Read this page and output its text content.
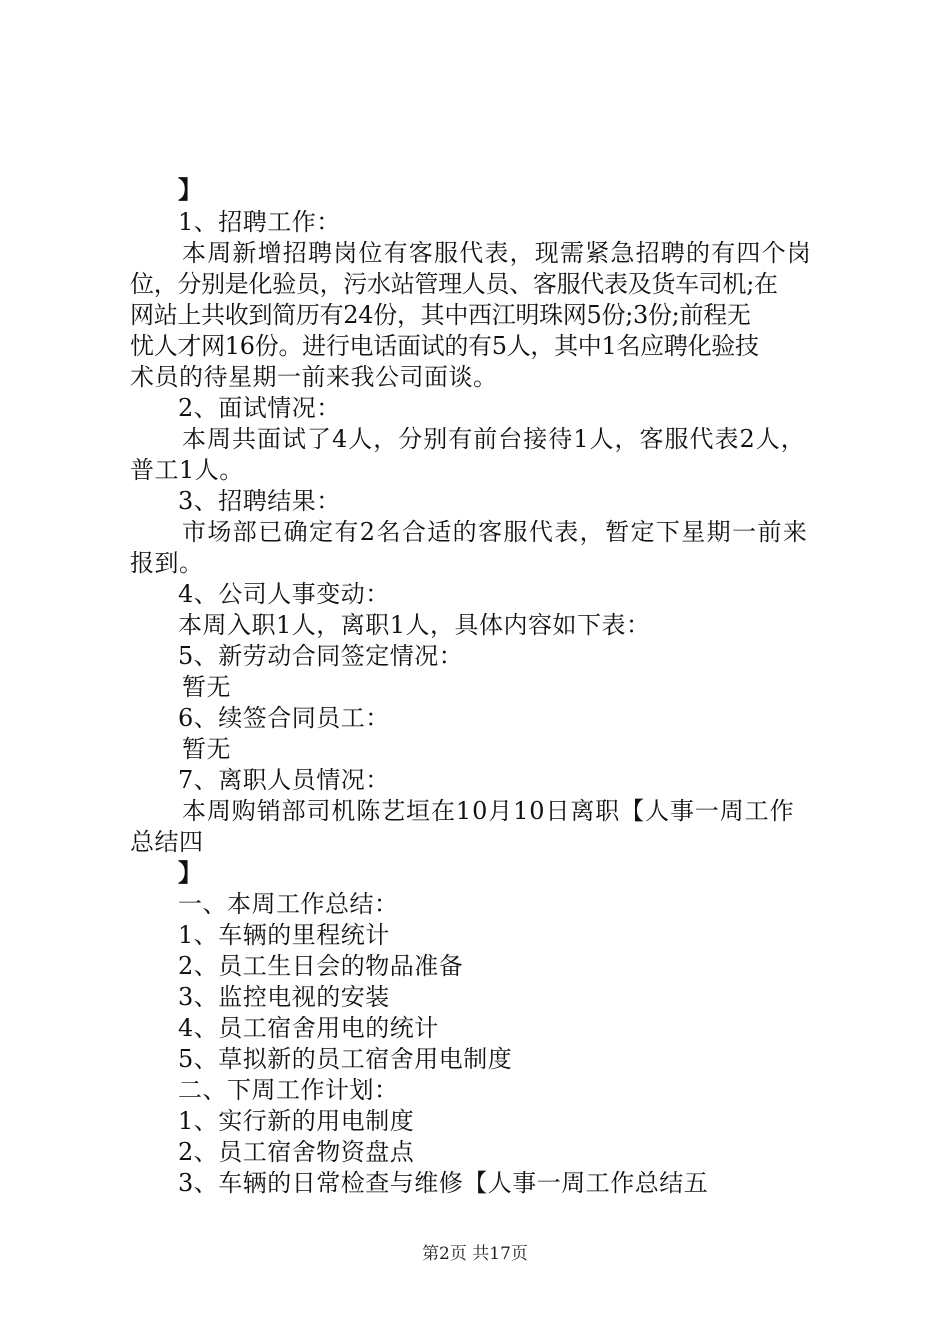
】

1、招聘工作：

本周新增招聘岗位有客服代表，现需紧急招聘的有四个岗

位，分别是化验员，污水站管理人员、客服代表及货车司机;在

网站上共收到简历有24份，其中西江明珠网5份;3份;前程无

忧人才网16份。进行电话面试的有5人，其中1名应聘化验技

术员的待星期一前来我公司面谈。

2、面试情况：

本周共面试了4人，分别有前台接待1人，客服代表2人，

普工1人。

3、招聘结果：

市场部已确定有2名合适的客服代表，暂定下星期一前来

报到。

4、公司人事变动：

本周入职1人，离职1人，具体内容如下表：

5、新劳动合同签定情况：

暂无

6、续签合同员工：

暂无

7、离职人员情况：

本周购销部司机陈艺垣在10月10日离职【人事一周工作

总结四

】

一、本周工作总结：

1、车辆的里程统计

2、员工生日会的物品准备

3、监控电视的安装

4、员工宿舍用电的统计

5、草拟新的员工宿舍用电制度

二、下周工作计划：

1、实行新的用电制度

2、员工宿舍物资盘点

3、车辆的日常检查与维修【人事一周工作总结五

第2页 共17页
